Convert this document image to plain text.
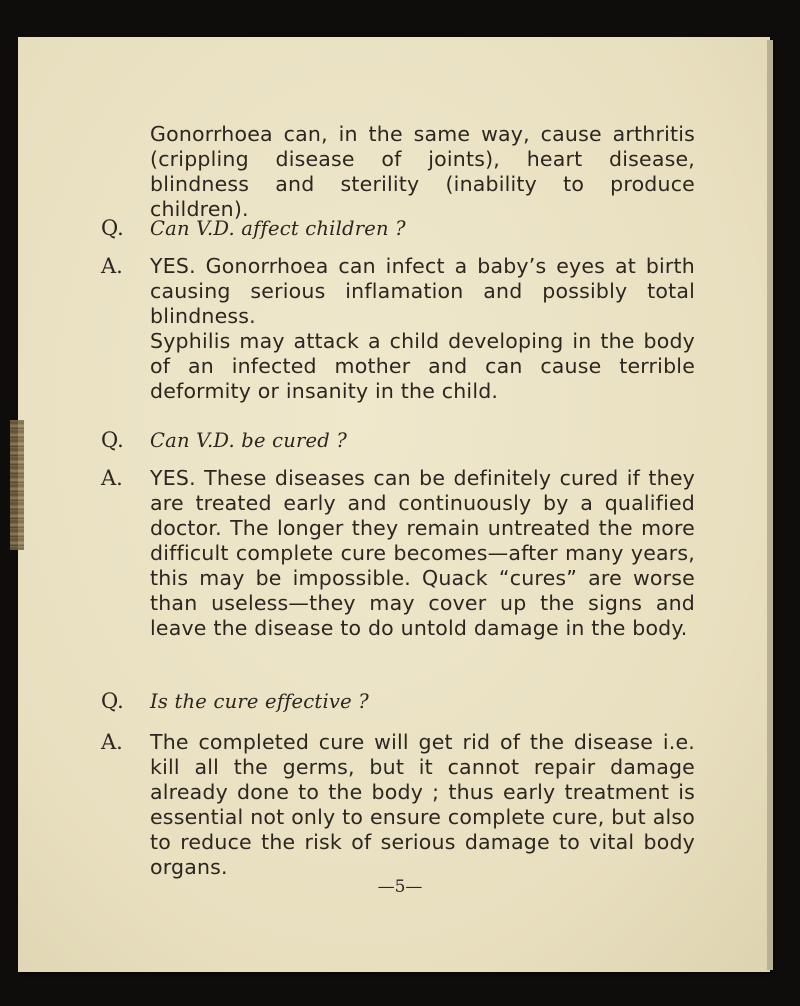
Gonorrhoea can, in the same way, cause arthritis (crippling disease of joints), heart disease, blindness and sterility (inability to produce children).
Q. Can V.D. affect children ?
A. YES. Gonorrhoea can infect a baby’s eyes at birth causing serious inflamation and possibly total blindness.
Syphilis may attack a child developing in the body of an infected mother and can cause terrible deformity or insanity in the child.
Q. Can V.D. be cured ?
A. YES. These diseases can be definitely cured if they are treated early and continuously by a qualified doctor. The longer they remain untreated the more difficult complete cure becomes—after many years, this may be impossible. Quack “cures” are worse than useless—they may cover up the signs and leave the disease to do untold damage in the body.
Q. Is the cure effective ?
A. The completed cure will get rid of the disease i.e. kill all the germs, but it cannot repair damage already done to the body ; thus early treatment is essential not only to ensure complete cure, but also to reduce the risk of serious damage to vital body organs.
—5—
